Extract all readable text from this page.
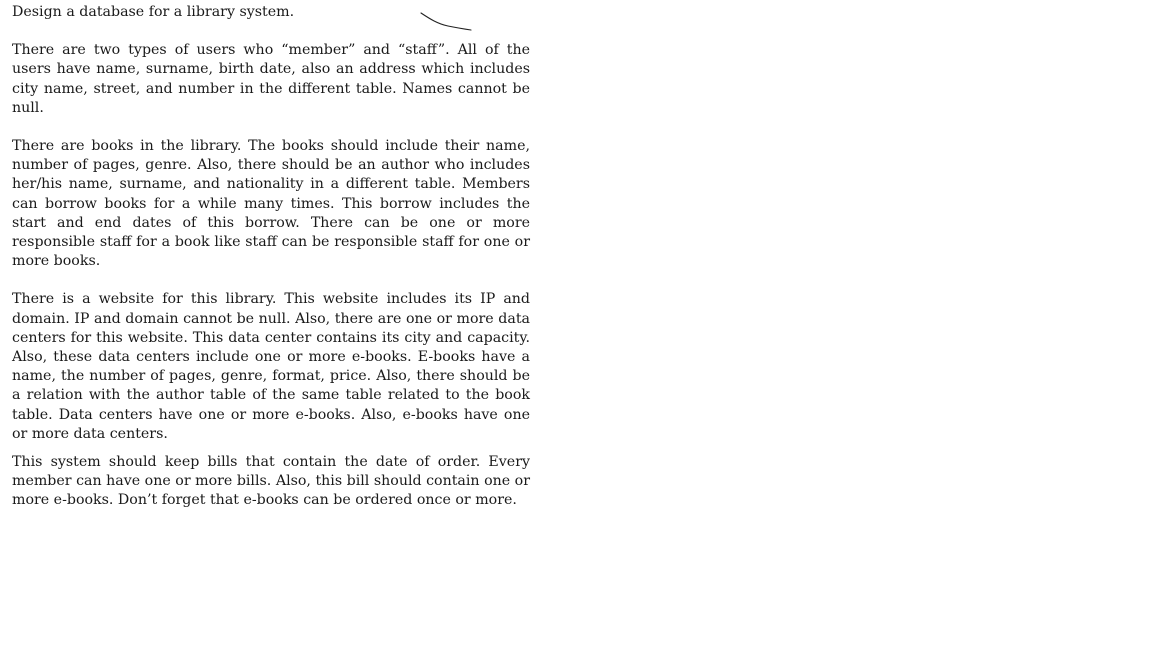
Design a database for a library system.

There are two types of users who “member” and “staff”. All of the users have name, surname, birth date, also an address which includes city name, street, and number in the different table. Names cannot be null.

There are books in the library. The books should include their name, number of pages, genre. Also, there should be an author who includes her/his name, surname, and nationality in a different table. Members can borrow books for a while many times. This borrow includes the start and end dates of this borrow. There can be one or more responsible staff for a book like staff can be responsible staff for one or more books.

There is a website for this library. This website includes its IP and domain. IP and domain cannot be null. Also, there are one or more data centers for this website. This data center contains its city and capacity. Also, these data centers include one or more e-books. E-books have a name, the number of pages, genre, format, price. Also, there should be a relation with the author table of the same table related to the book table. Data centers have one or more e-books. Also, e-books have one or more data centers.

This system should keep bills that contain the date of order. Every member can have one or more bills. Also, this bill should contain one or more e-books. Don’t forget that e-books can be ordered once or more.
